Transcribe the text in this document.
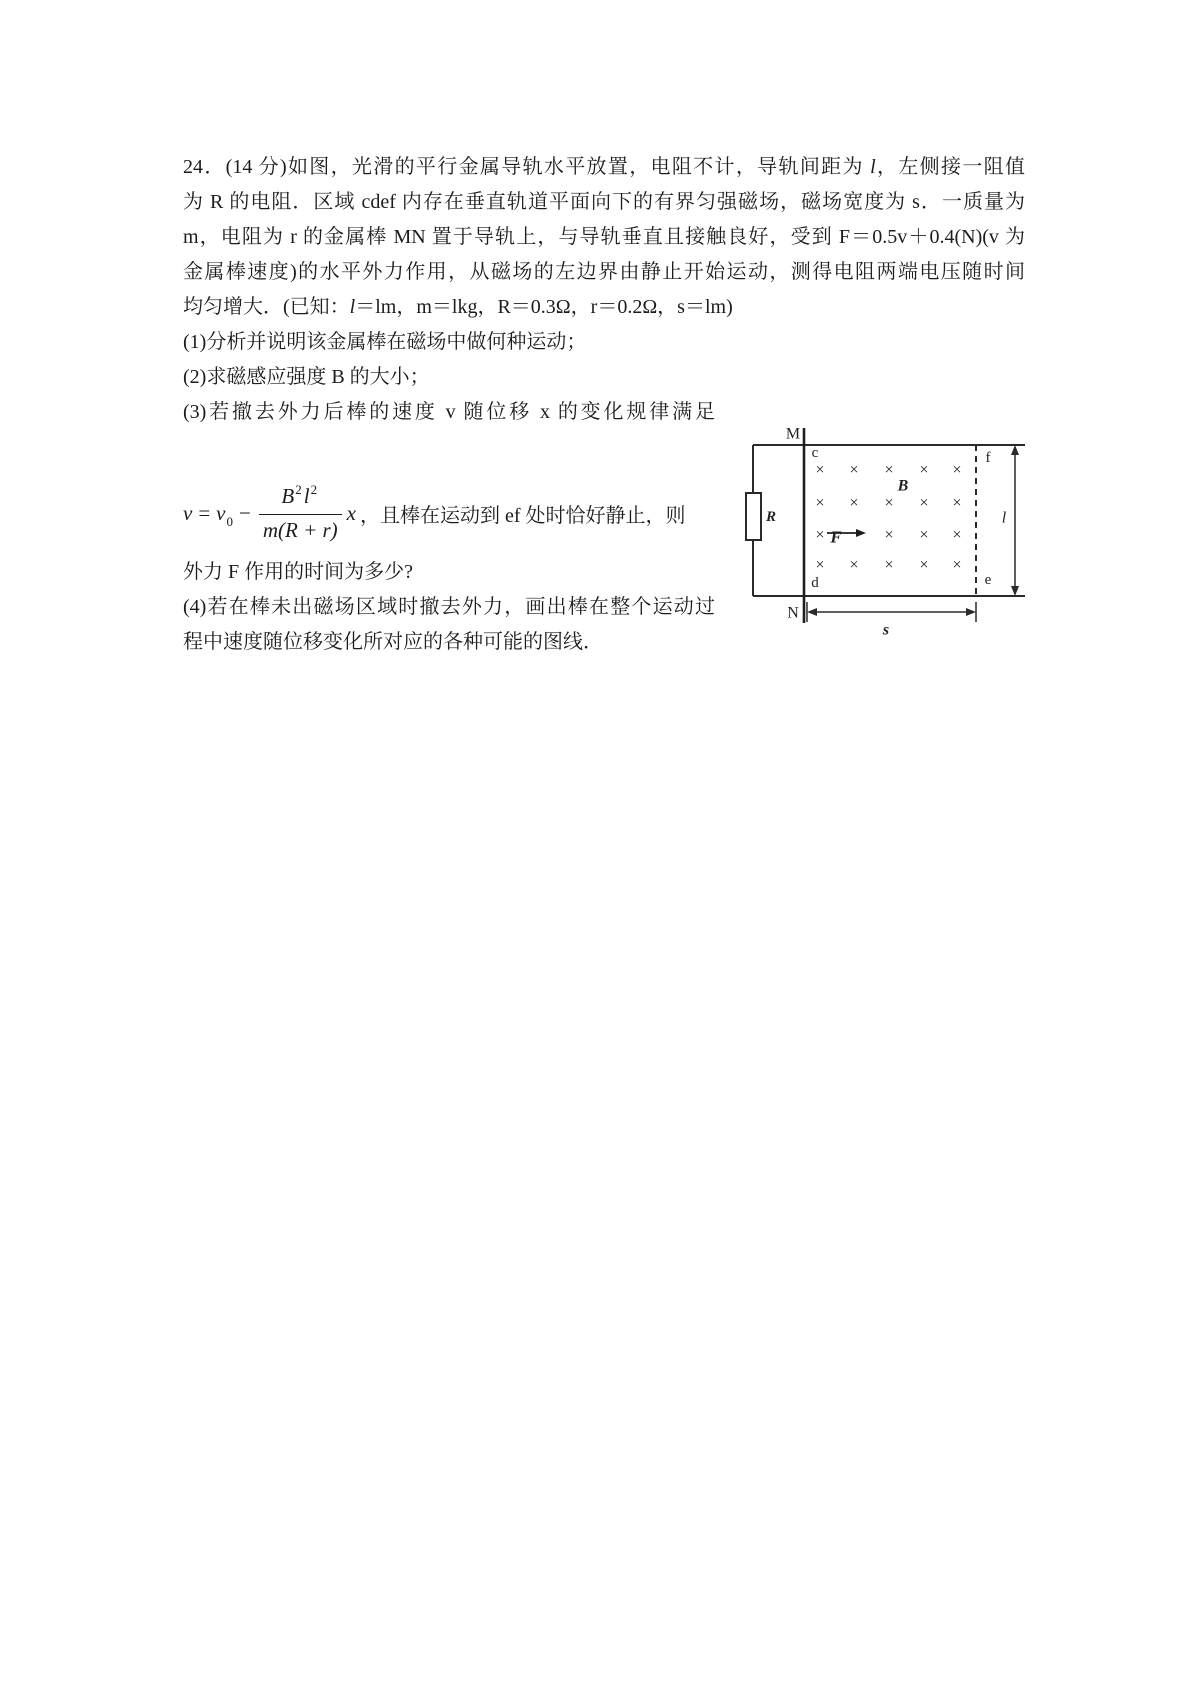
24．(14 分)如图，光滑的平行金属导轨水平放置，电阻不计，导轨间距为 l，左侧接一阻值
为 R 的电阻．区域 cdef 内存在垂直轨道平面向下的有界匀强磁场，磁场宽度为 s．一质量为
m，电阻为 r 的金属棒 MN 置于导轨上，与导轨垂直且接触良好，受到 F＝0.5v＋0.4(N)(v 为
金属棒速度)的水平外力作用，从磁场的左边界由静止开始运动，测得电阻两端电压随时间
均匀增大．(已知：l＝lm，m＝lkg，R＝0.3Ω，r＝0.2Ω，s＝lm)
(1)分析并说明该金属棒在磁场中做何种运动；
(2)求磁感应强度 B 的大小；
(3)若撤去外力后棒的速度 v 随位移 x 的变化规律满足
$v = v_0 - \frac{B^2l^2}{m(R + r)}$ x ，且棒在运动到 ef 处时恰好静止，则
外力 F 作用的时间为多少?
(4)若在棒未出磁场区域时撤去外力，画出棒在整个运动过
程中速度随位移变化所对应的各种可能的图线．
M
N
c
d
f
e
R
B
F
l
s
× × × × ×
× × × × ×
×	× × ×
× × × × ×
